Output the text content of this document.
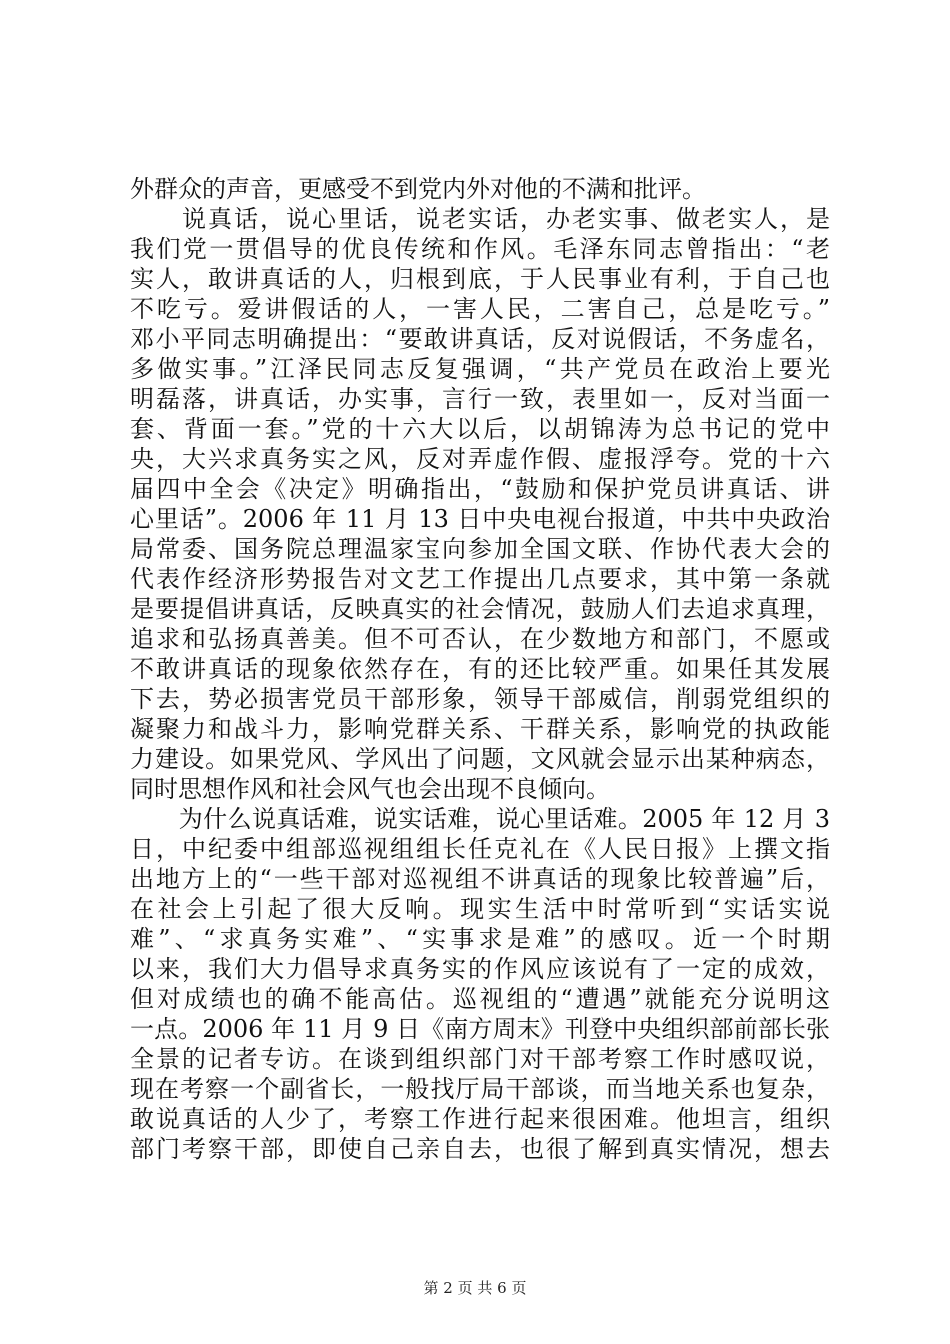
外群众的声音，更感受不到党内外对他的不满和批评。
　　说真话，说心里话，说老实话，办老实事、做老实人，是
我们党一贯倡导的优良传统和作风。毛泽东同志曾指出：“老
实人，敢讲真话的人，归根到底，于人民事业有利，于自己也
不吃亏。爱讲假话的人，一害人民，二害自己，总是吃亏。”
邓小平同志明确提出：“要敢讲真话，反对说假话，不务虚名，
多做实事。”江泽民同志反复强调，“共产党员在政治上要光
明磊落，讲真话，办实事，言行一致，表里如一，反对当面一
套、背面一套。”党的十六大以后，以胡锦涛为总书记的党中
央，大兴求真务实之风，反对弄虚作假、虚报浮夸。党的十六
届四中全会《决定》明确指出，“鼓励和保护党员讲真话、讲
心里话”。2006 年 11 月 13 日中央电视台报道，中共中央政治
局常委、国务院总理温家宝向参加全国文联、作协代表大会的
代表作经济形势报告对文艺工作提出几点要求，其中第一条就
是要提倡讲真话，反映真实的社会情况，鼓励人们去追求真理，
追求和弘扬真善美。但不可否认，在少数地方和部门，不愿或
不敢讲真话的现象依然存在，有的还比较严重。如果任其发展
下去，势必损害党员干部形象，领导干部威信，削弱党组织的
凝聚力和战斗力，影响党群关系、干群关系，影响党的执政能
力建设。如果党风、学风出了问题，文风就会显示出某种病态，
同时思想作风和社会风气也会出现不良倾向。
　　为什么说真话难，说实话难，说心里话难。2005 年 12 月 3
日，中纪委中组部巡视组组长任克礼在《人民日报》上撰文指
出地方上的“一些干部对巡视组不讲真话的现象比较普遍”后，
在社会上引起了很大反响。现实生活中时常听到“实话实说
难”、“求真务实难”、“实事求是难”的感叹。近一个时期
以来，我们大力倡导求真务实的作风应该说有了一定的成效，
但对成绩也的确不能高估。巡视组的“遭遇”就能充分说明这
一点。2006 年 11 月 9 日《南方周末》刊登中央组织部前部长张
全景的记者专访。在谈到组织部门对干部考察工作时感叹说，
现在考察一个副省长，一般找厅局干部谈，而当地关系也复杂，
敢说真话的人少了，考察工作进行起来很困难。他坦言，组织
部门考察干部，即使自己亲自去，也很了解到真实情况，想去
第 2 页 共 6 页
